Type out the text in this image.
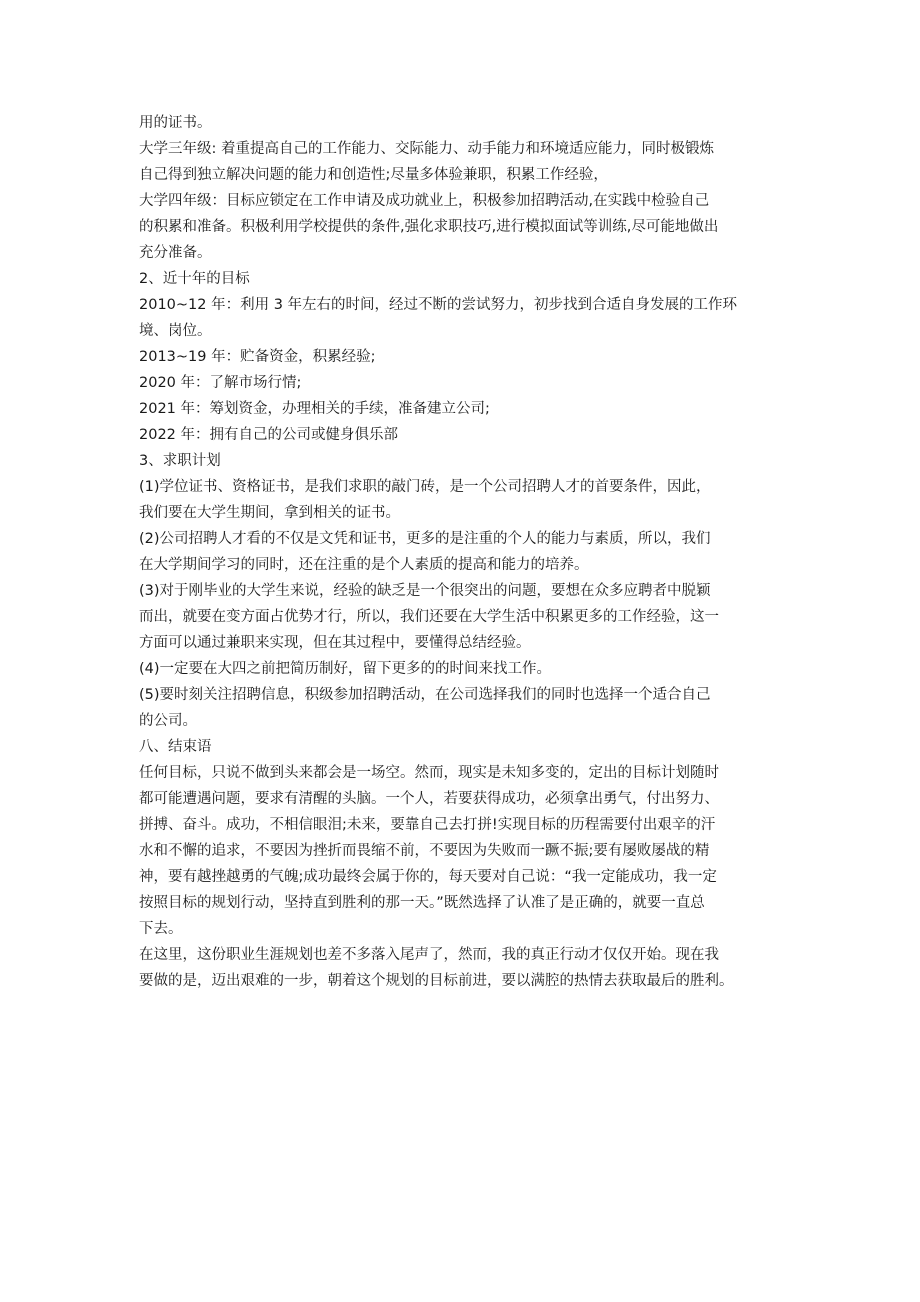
用的证书。
大学三年级: 着重提高自己的工作能力、交际能力、动手能力和环境适应能力，同时极锻炼
自己得到独立解决问题的能力和创造性;尽量多体验兼职，积累工作经验，
大学四年级：目标应锁定在工作申请及成功就业上，积极参加招聘活动,在实践中检验自己
的积累和准备。积极利用学校提供的条件,强化求职技巧,进行模拟面试等训练,尽可能地做出
充分准备。
2、近十年的目标
2010~12 年：利用 3 年左右的时间，经过不断的尝试努力，初步找到合适自身发展的工作环
境、岗位。
2013~19 年：贮备资金，积累经验;
2020 年：了解市场行情;
2021 年：筹划资金，办理相关的手续，准备建立公司;
2022 年：拥有自己的公司或健身俱乐部
3、求职计划
(1)学位证书、资格证书，是我们求职的敲门砖，是一个公司招聘人才的首要条件，因此，
我们要在大学生期间，拿到相关的证书。
(2)公司招聘人才看的不仅是文凭和证书，更多的是注重的个人的能力与素质，所以，我们
在大学期间学习的同时，还在注重的是个人素质的提高和能力的培养。
(3)对于刚毕业的大学生来说，经验的缺乏是一个很突出的问题，要想在众多应聘者中脱颖
而出，就要在变方面占优势才行，所以，我们还要在大学生活中积累更多的工作经验，这一
方面可以通过兼职来实现，但在其过程中，要懂得总结经验。
(4)一定要在大四之前把简历制好，留下更多的的时间来找工作。
(5)要时刻关注招聘信息，积级参加招聘活动，在公司选择我们的同时也选择一个适合自己
的公司。
八、结束语
任何目标，只说不做到头来都会是一场空。然而，现实是未知多变的，定出的目标计划随时
都可能遭遇问题，要求有清醒的头脑。一个人，若要获得成功，必须拿出勇气，付出努力、
拼搏、奋斗。成功，不相信眼泪;未来，要靠自己去打拼!实现目标的历程需要付出艰辛的汗
水和不懈的追求，不要因为挫折而畏缩不前，不要因为失败而一蹶不振;要有屡败屡战的精
神，要有越挫越勇的气魄;成功最终会属于你的，每天要对自己说：“我一定能成功，我一定
按照目标的规划行动，坚持直到胜利的那一天。”既然选择了认准了是正确的，就要一直总
下去。
在这里，这份职业生涯规划也差不多落入尾声了，然而，我的真正行动才仅仅开始。现在我
要做的是，迈出艰难的一步，朝着这个规划的目标前进，要以满腔的热情去获取最后的胜利。
